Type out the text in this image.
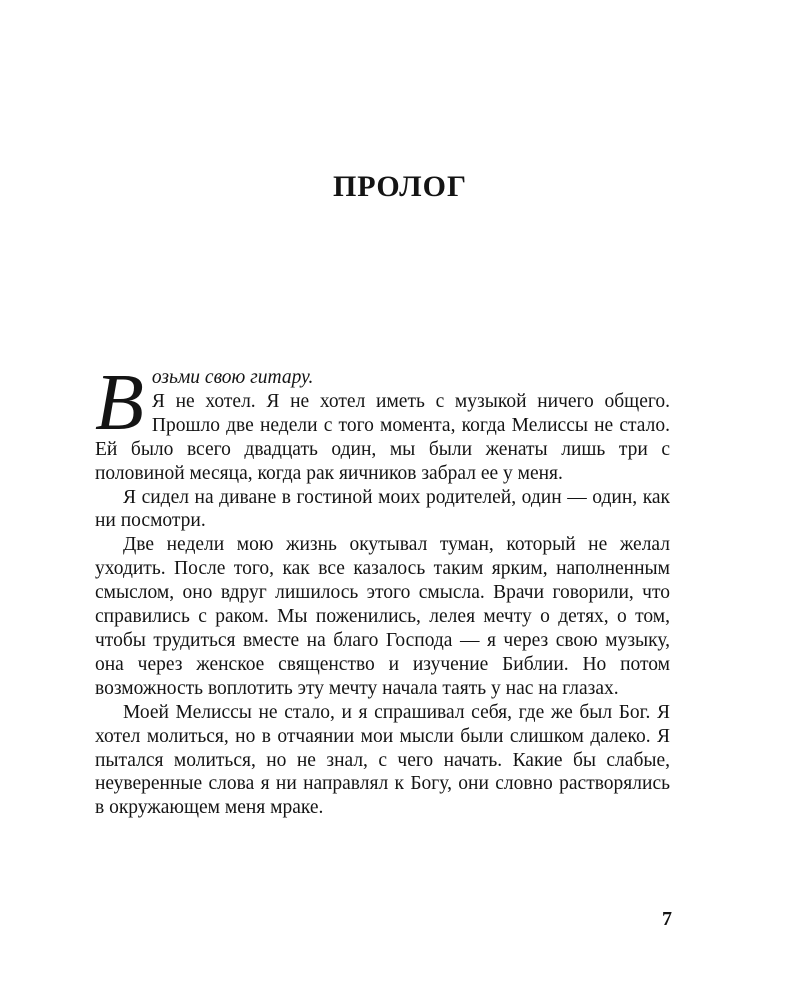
ПРОЛОГ

Возьми свою гитару.
Я не хотел. Я не хотел иметь с музыкой ничего общего. Прошло две недели с того момента, когда Мелиссы не стало. Ей было всего двадцать один, мы были женаты лишь три с половиной месяца, когда рак яичников забрал ее у меня.

Я сидел на диване в гостиной моих родителей, один — один, как ни посмотри.

Две недели мою жизнь окутывал туман, который не желал уходить. После того, как все казалось таким ярким, наполненным смыслом, оно вдруг лишилось этого смысла. Врачи говорили, что справились с раком. Мы поженились, лелея мечту о детях, о том, чтобы трудиться вместе на благо Господа — я через свою музыку, она через женское священство и изучение Библии. Но потом возможность воплотить эту мечту начала таять у нас на глазах.

Моей Мелиссы не стало, и я спрашивал себя, где же был Бог. Я хотел молиться, но в отчаянии мои мысли были слишком далеко. Я пытался молиться, но не знал, с чего начать. Какие бы слабые, неуверенные слова я ни направлял к Богу, они словно растворялись в окружающем меня мраке.

7
